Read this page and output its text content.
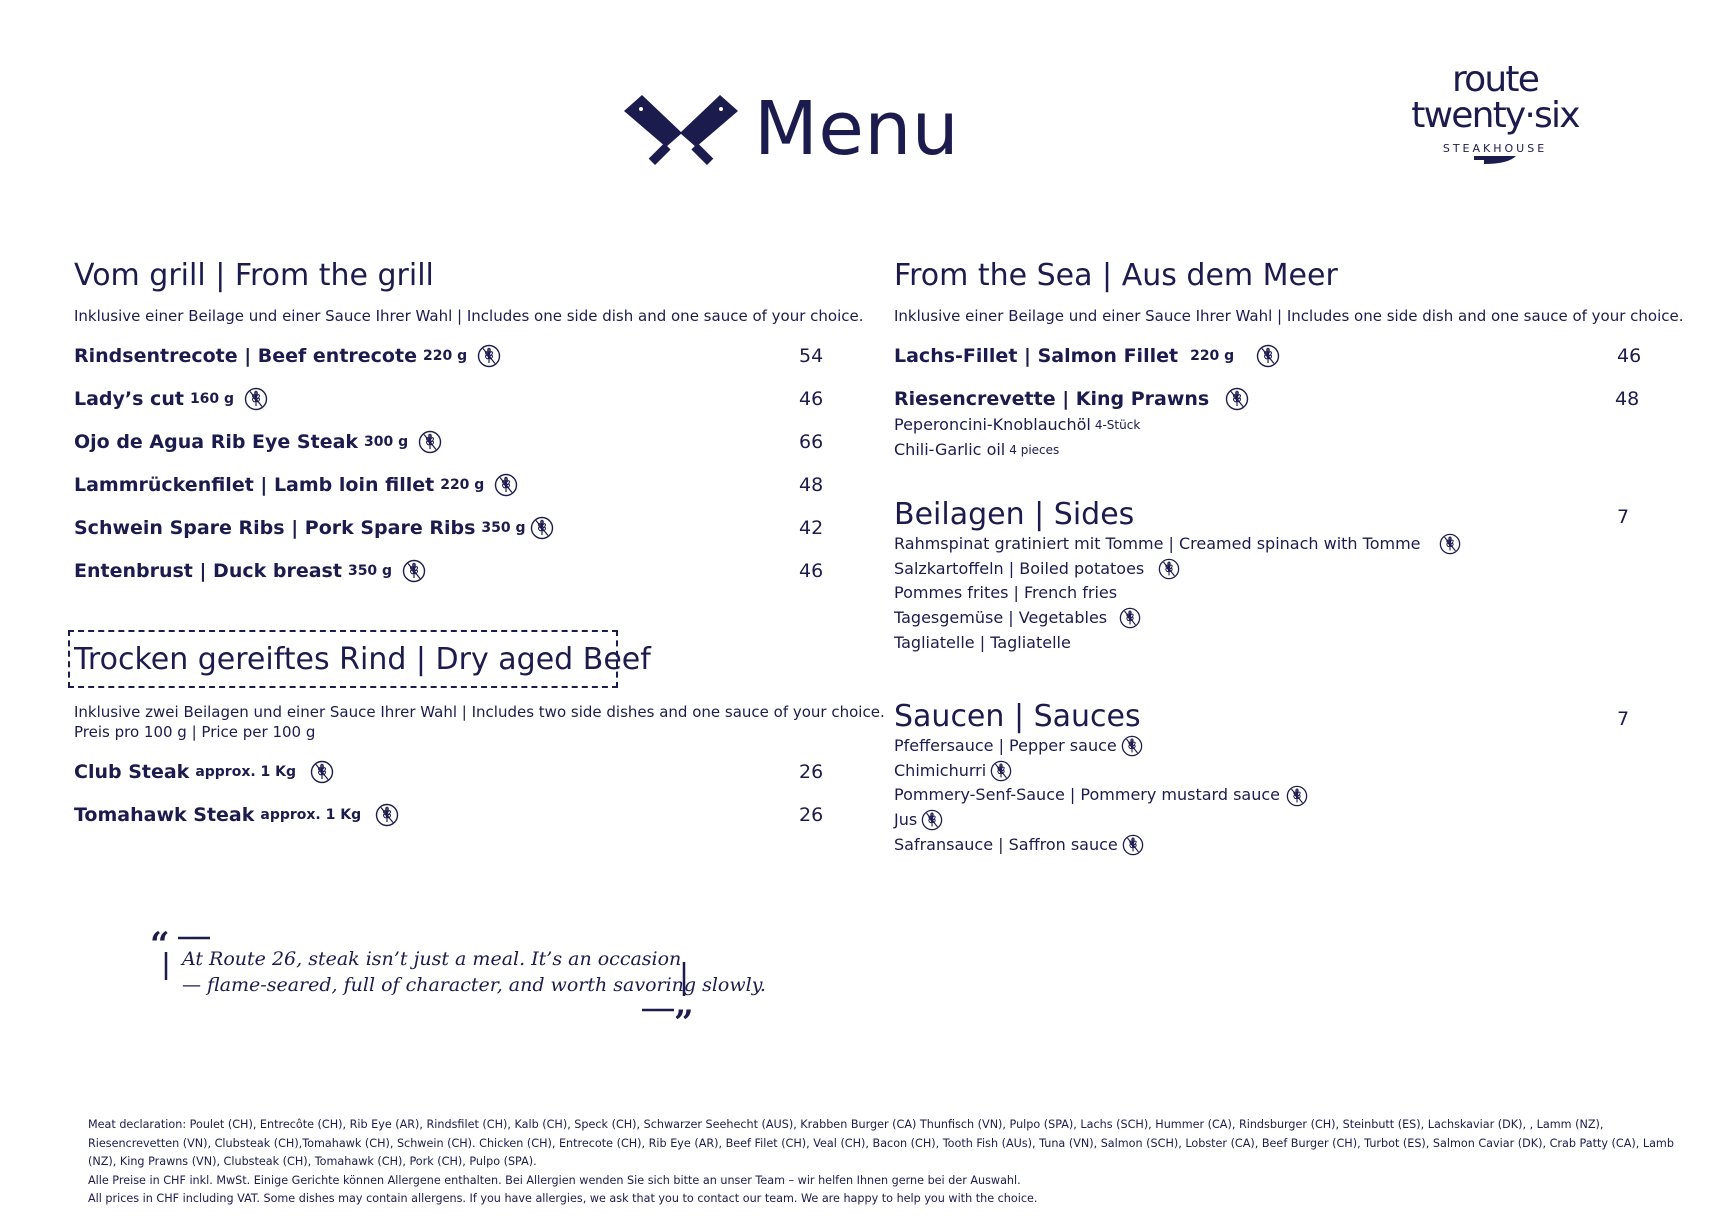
Menu
route twenty·six
STEAKHOUSE
Vom grill | From the grill
Inklusive einer Beilage und einer Sauce Ihrer Wahl | Includes one side dish and one sauce of your choice.
Rindsentrecote | Beef entrecote 220 g	54
Lady’s cut 160 g	46
Ojo de Agua Rib Eye Steak 300 g	66
Lammrückenfilet | Lamb loin fillet 220 g	48
Schwein Spare Ribs | Pork Spare Ribs 350 g	42
Entenbrust | Duck breast 350 g	46
Trocken gereiftes Rind | Dry aged Beef
Inklusive zwei Beilagen und einer Sauce Ihrer Wahl | Includes two side dishes and one sauce of your choice.
Preis pro 100 g | Price per 100 g
Club Steak approx. 1 Kg	26
Tomahawk Steak approx. 1 Kg	26
From the Sea | Aus dem Meer
Inklusive einer Beilage und einer Sauce Ihrer Wahl | Includes one side dish and one sauce of your choice.
Lachs-Fillet | Salmon Fillet 220 g	46
Riesencrevette | King Prawns	48
Peperoncini-Knoblauchöl 4-Stück
Chili-Garlic oil 4 pieces
Beilagen | Sides	7
Rahmspinat gratiniert mit Tomme | Creamed spinach with Tomme
Salzkartoffeln | Boiled potatoes
Pommes frites | French fries
Tagesgemüse | Vegetables
Tagliatelle | Tagliatelle
Saucen | Sauces	7
Pfeffersauce | Pepper sauce
Chimichurri
Pommery-Senf-Sauce | Pommery mustard sauce
Jus
Safransauce | Saffron sauce
“ At Route 26, steak isn’t just a meal. It’s an occasion
— flame-seared, full of character, and worth savoring slowly.
”
Meat declaration: Poulet (CH), Entrecôte (CH), Rib Eye (AR), Rindsfilet (CH), Kalb (CH), Speck (CH), Schwarzer Seehecht (AUS), Krabben Burger (CA) Thunfisch (VN), Pulpo (SPA), Lachs (SCH), Hummer (CA), Rindsburger (CH), Steinbutt (ES), Lachskaviar (DK), , Lamm (NZ),
Riesencrevetten (VN), Clubsteak (CH),Tomahawk (CH), Schwein (CH). Chicken (CH), Entrecote (CH), Rib Eye (AR), Beef Filet (CH), Veal (CH), Bacon (CH), Tooth Fish (AUs), Tuna (VN), Salmon (SCH), Lobster (CA), Beef Burger (CH), Turbot (ES), Salmon Caviar (DK), Crab Patty (CA), Lamb
(NZ), King Prawns (VN), Clubsteak (CH), Tomahawk (CH), Pork (CH), Pulpo (SPA).
Alle Preise in CHF inkl. MwSt. Einige Gerichte können Allergene enthalten. Bei Allergien wenden Sie sich bitte an unser Team – wir helfen Ihnen gerne bei der Auswahl.
All prices in CHF including VAT. Some dishes may contain allergens. If you have allergies, we ask that you to contact our team. We are happy to help you with the choice.
